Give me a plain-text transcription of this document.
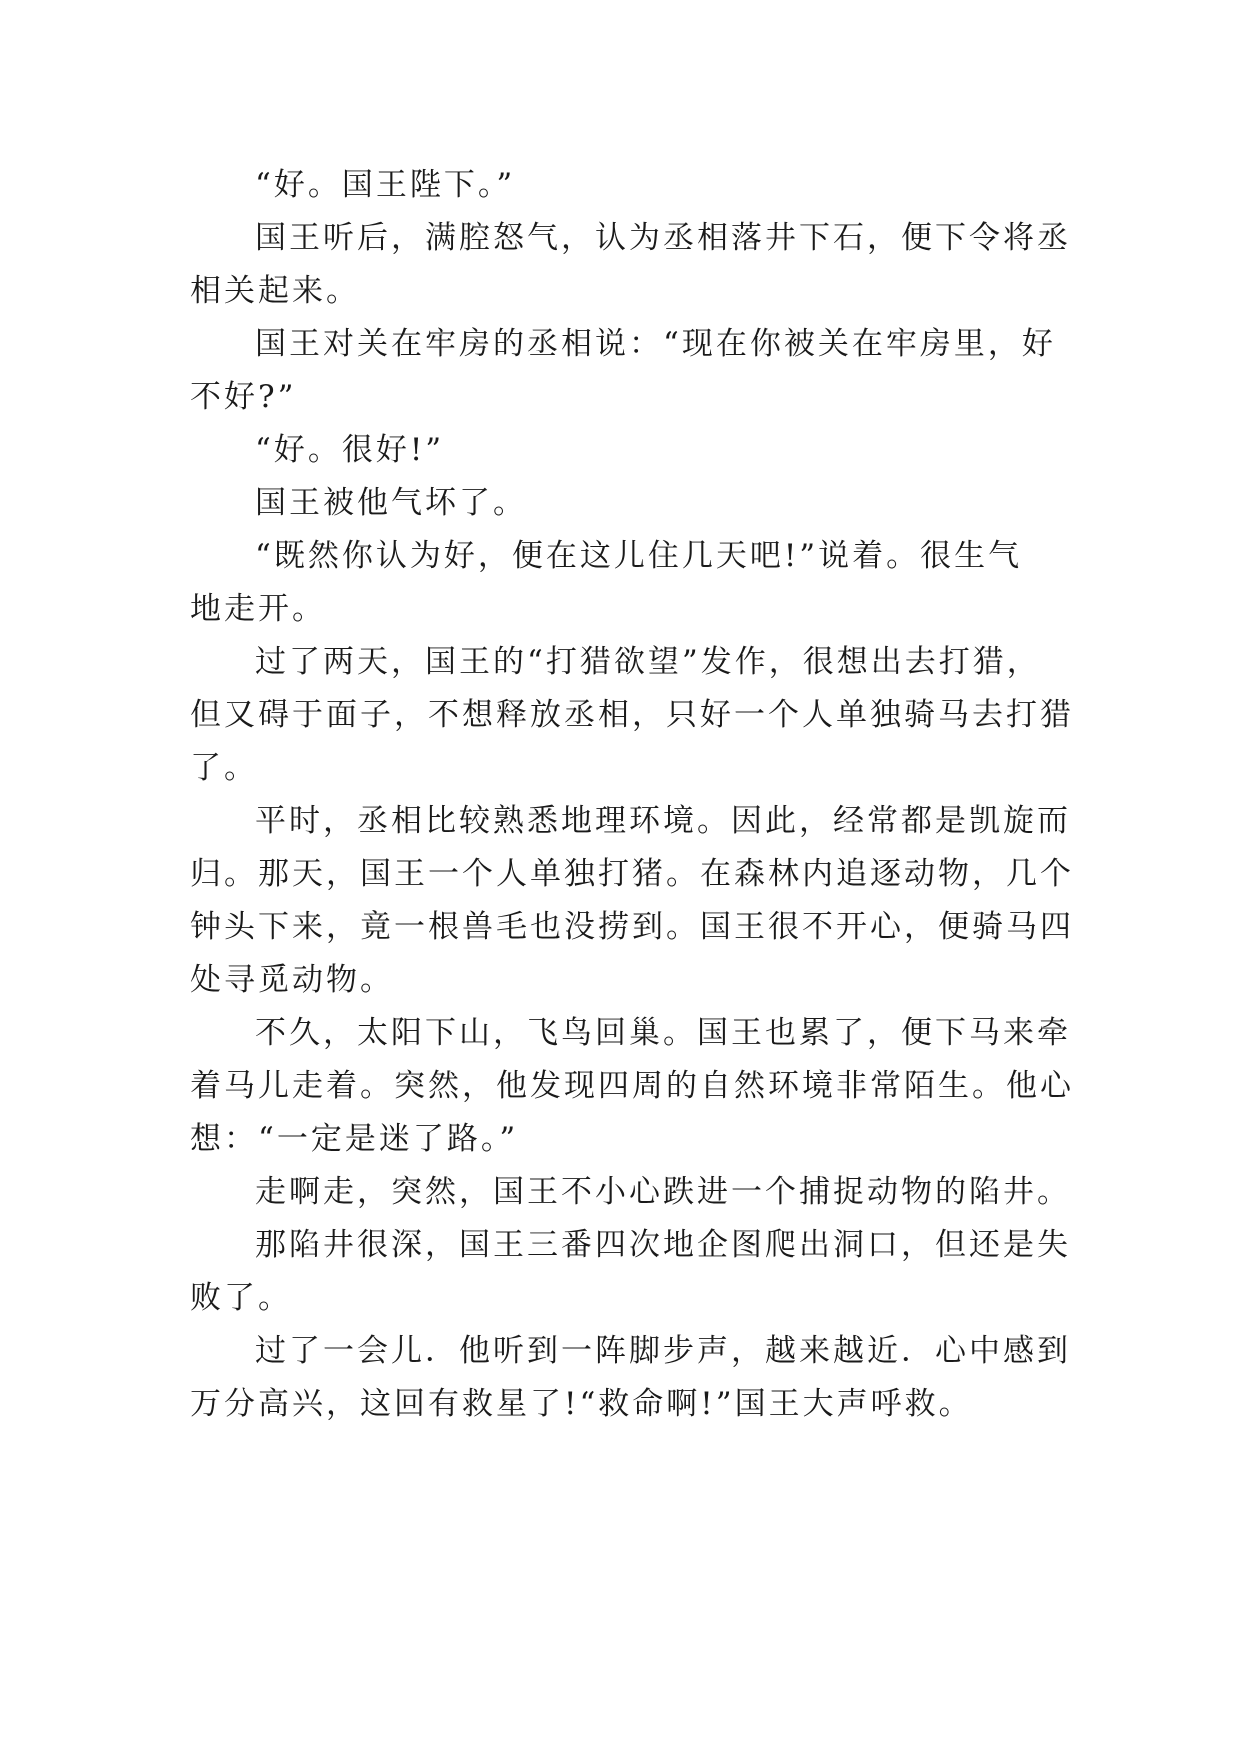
“好。国王陛下。”
国王听后，满腔怒气，认为丞相落井下石，便下令将丞
相关起来。
国王对关在牢房的丞相说：“现在你被关在牢房里，好
不好?”
“好。很好!”
国王被他气坏了。
“既然你认为好，便在这儿住几天吧!”说着。很生气
地走开。
过了两天，国王的“打猎欲望”发作，很想出去打猎，
但又碍于面子，不想释放丞相，只好一个人单独骑马去打猎
了。
平时，丞相比较熟悉地理环境。因此，经常都是凯旋而
归。那天，国王一个人单独打猪。在森林内追逐动物，几个
钟头下来，竟一根兽毛也没捞到。国王很不开心，便骑马四
处寻觅动物。
不久，太阳下山，飞鸟回巢。国王也累了，便下马来牵
着马儿走着。突然，他发现四周的自然环境非常陌生。他心
想：“一定是迷了路。”
走啊走，突然，国王不小心跌进一个捕捉动物的陷井。
那陷井很深，国王三番四次地企图爬出洞口，但还是失
败了。
过了一会儿．他听到一阵脚步声，越来越近．心中感到
万分高兴，这回有救星了!“救命啊!”国王大声呼救。
